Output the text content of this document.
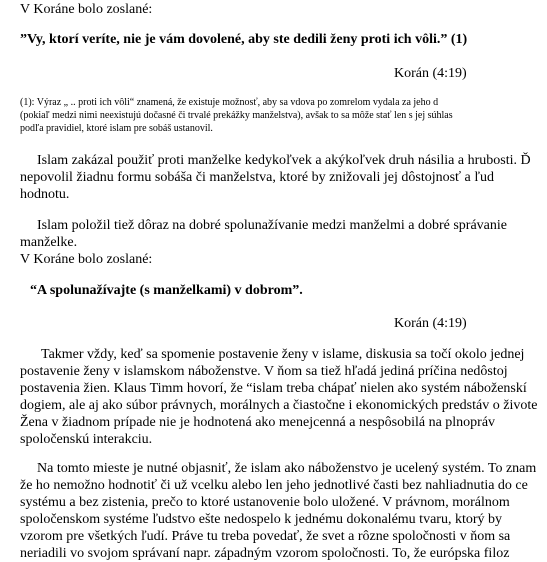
V Koráne bolo zoslané:
”Vy, ktorí veríte, nie je vám dovolené, aby ste dedili ženy proti ich vôli.” (1)
Korán (4:19)
(1): Výraz „ .. proti ich vôli“ znamená, že existuje možnosť, aby sa vdova po zomrelom vydala za jeho d
(pokiaľ medzi nimi neexistujú dočasné či trvalé prekážky manželstva), avšak to sa môže stať len s jej súhlas
podľa pravidiel, ktoré islam pre sobáš ustanovil.
Islam zakázal použiť proti manželke kedykoľvek a akýkoľvek druh násilia a hrubosti. Ď
nepovolil žiadnu formu sobáša či manželstva, ktoré by znižovali jej dôstojnosť a ľud
hodnotu.
Islam položil tiež dôraz na dobré spolunažívanie medzi manželmi a dobré správanie
manželke.
V Koráne bolo zoslané:
“A spolunažívajte (s manželkami) v dobrom”.
Korán (4:19)
Takmer vždy, keď sa spomenie postavenie ženy v islame, diskusia sa točí okolo jednej
postavenie ženy v islamskom náboženstve. V ňom sa tiež hľadá jediná príčina nedôstoj
postavenia žien. Klaus Timm hovorí, že “islam treba chápať nielen ako systém náboženskí
dogiem, ale aj ako súbor právnych, morálnych a čiastočne i ekonomických predstáv o živote
Žena v žiadnom prípade nie je hodnotená ako menejcenná a nespôsobilá na plnopráv
spoločenskú interakciu.
Na tomto mieste je nutné objasniť, že islam ako náboženstvo je ucelený systém. To znam
že ho nemožno hodnotiť či už vcelku alebo len jeho jednotlivé časti bez nahliadnutia do ce
systému a bez zistenia, prečo to ktoré ustanovenie bolo uložené. V právnom, morálnom
spoločenskom systéme ľudstvo ešte nedospelo k jednému dokonalému tvaru, ktorý by
vzorom pre všetkých ľudí. Práve tu treba povedať, že svet a rôzne spoločnosti v ňom sa
neriadili vo svojom správaní napr. západným vzorom spoločnosti. To, že európska filoz
